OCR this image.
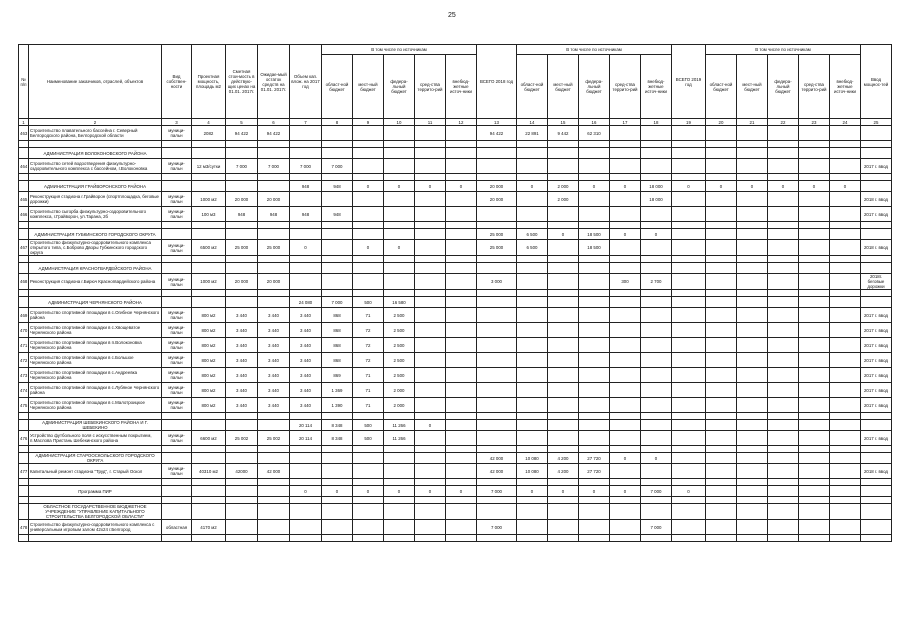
25
№ п/п	Наименование заказчиков, отраслей, объектов	Вид собствен-ности	Проектная мощность, площадь м2	Сметная стои-мость в действую-щих ценах на 01.01. 2017г.	Ожидае-мый остаток средств на 01.01. 2017г.	Объем кап. влож. на 2017 год	В том числе по источникам					ВСЕГО 2018 год	В том числе по источникам					ВСЕГО 2019 год	В том числе по источникам					Ввод мощнос-тей
							област-ной бюджет	мест-ный бюджет	федера-льный бюджет	сред-ства террито-рий	внебюд-жетные источ-ники		област-ной бюджет	мест-ный бюджет	федера-льный бюджет	сред-ства террито-рий	внебюд-жетные источ-ники		област-ной бюджет	мест-ный бюджет	федера-льный бюджет	сред-ства террито-рий	внебюд-жетные источ-ники	
1	2	3	4	5	6	7	8	9	10	11	12	13	14	15	16	17	18	19	20	21	22	23	24	25
463	Строительство плавательного бассейна г. Северный Белгородского района, Белгородской области	муници-пальн	2082	94 422	94 422							94 422	22 891	9 442	62 310									

	АДМИНИСТРАЦИЯ ВОЛОКОНОВСКОГО РАЙОНА																							
464	Строительство сетей водоотведения физкультурно-оздоровительного комплекса с бассейном, г.Волоконовка	муници-пальн	12 м3/сутки	7 000	7 000	7 000	7 000																	2017 г. ввод

	АДМИНИСТРАЦИЯ ГРАЙВОРОНСКОГО РАЙОНА					948	948	0	0	0	0	20 000	0	2 000	0	0	18 000	0	0	0	0	0	0	
465	Реконструкция стадиона г.Грайворон (спортплощадка, беговые дорожки)	муници-пальн	1000 м2	20 000	20 000							20 000		2 000			18 000							2018 г. ввод
466	Строительство сыгорба физкультурно-оздоровительного комплекса, г.Грайворон, ул.Тарана, 2б	муници-пальн	100 м3	948	948	948	948																	2017 г. ввод

	АДМИНИСТРАЦИЯ ГУБКИНСКОГО ГОРОДСКОГО ОКРУГА											25 000	6 500	0	18 500	0	0							
467	Строительство физкультурно-оздоровительного комплекса открытого типа, с.Боброво Дворы Губкинского городского округа	муници-пальн	6500 м2	25 000	25 000	0		0	0			25 000	6 500		18 500									2018 г. ввод

	АДМИНИСТРАЦИЯ КРАСНОГВАРДЕЙСКОГО РАЙОНА																							
468	Реконструкция стадиона г.Бирюч Красногвардейского района	муници-пальн	1000 м2	20 000	20 000							3 000				300	2 700							2018г. беговые дорожки

	АДМИНИСТРАЦИЯ ЧЕРНЯНСКОГО РАЙОНА					24 080	7 000	500	16 580															
469	Строительство спортивной площадки в с.Огибное Чернянского района	муници-пальн	800 м2	3 440	3 440	3 440	868	71	2 500															2017 г. ввод
470	Строительство спортивной площадки в с.Хвощеватое Чернянского района	муници-пальн	800 м2	3 440	3 440	3 440	868	72	2 500															2017 г. ввод
471	Строительство спортивной площадки в п.Волоконовка Чернянского района	муници-пальн	800 м2	3 440	3 440	3 440	868	72	2 500															2017 г. ввод
472	Строительство спортивной площадки в с.Большое Чернянского района	муници-пальн	800 м2	3 440	3 440	3 440	868	72	2 500															2017 г. ввод
473	Строительство спортивной площадки в с.Андреевка Чернянского района	муници-пальн	800 м2	3 440	3 440	3 440	869	71	2 500															2017 г. ввод
474	Строительство спортивной площадки в с.Лубяное Чернянского района	муници-пальн	800 м2	3 440	3 440	3 440	1 369	71	2 000															2017 г. ввод
475	Строительство спортивной площадки в с.Малотроицкое Чернянского района	муници-пальн	800 м2	3 440	3 440	3 440	1 390	71	2 000															2017 г. ввод

	АДМИНИСТРАЦИЯ ШЕБЕКИНСКОГО РАЙОНА И Г. ШЕБЕКИНО					20 114	8 348	500	11 266	0														
476	Устройство футбольного поля с искусственным покрытием, п.Маслова Пристань Шебекинского района	муници-пальн	6600 м2	25 002	25 002	20 114	8 348	500	11 266															2017 г. ввод

	АДМИНИСТРАЦИЯ СТАРООСКОЛЬСКОГО ГОРОДСКОГО ОКРУГА											42 000	10 080	4 200	27 720	0	0							
477	Капитальный ремонт стадиона "Труд", г. Старый Оскол	муници-пальн	40310 м2	42000	42 000							42 000	10 080	4 200	27 720									2018 г. ввод

	Программа ПИР					0	0	0	0	0	0	7 000	0	0	0	0	7 000	0						

	ОБЛАСТНОЕ ГОСУДАРСТВЕННОЕ БЮДЖЕТНОЕ УЧРЕЖДЕНИЕ "УПРАВЛЕНИЕ КАПИТАЛЬНОГО СТРОИТЕЛЬСТВА БЕЛГОРОДСКОЙ ОБЛАСТИ"																							
478	Строительство физкультурно-оздоровительного комплекса с универсальным игровым залом 42х24 г.Белгород	областная	4170 м2									7 000					7 000							
